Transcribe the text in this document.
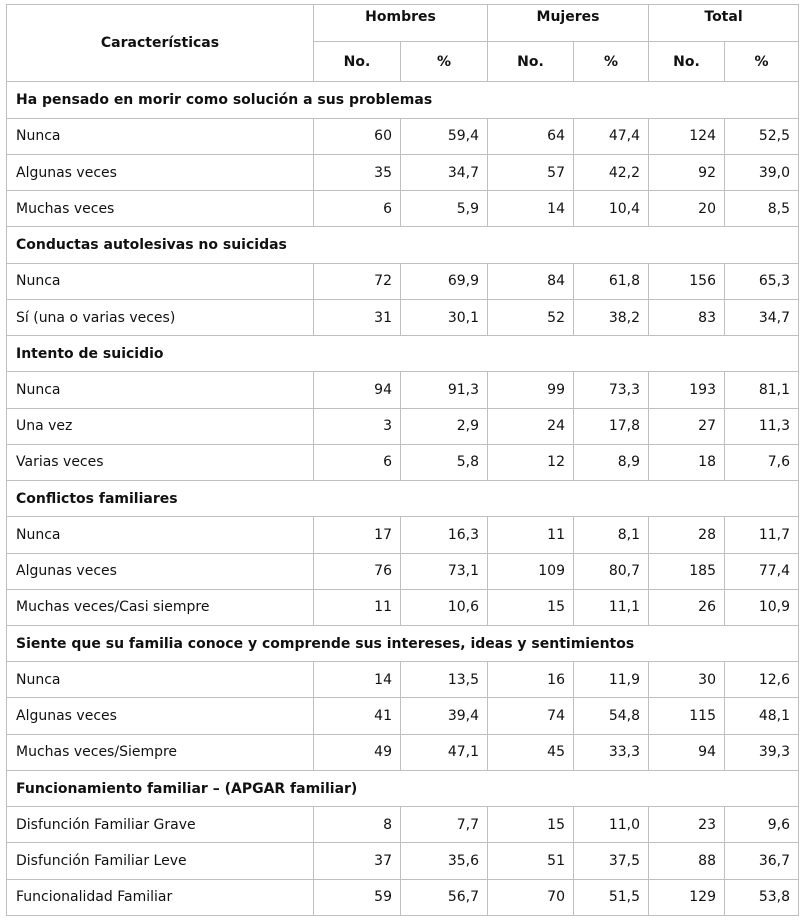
Características	Hombres		Mujeres		Total	
	No.	%	No.	%	No.	%
Ha pensado en morir como solución a sus problemas						
Nunca	60	59,4	64	47,4	124	52,5
Algunas veces	35	34,7	57	42,2	92	39,0
Muchas veces	6	5,9	14	10,4	20	8,5
Conductas autolesivas no suicidas						
Nunca	72	69,9	84	61,8	156	65,3
Sí (una o varias veces)	31	30,1	52	38,2	83	34,7
Intento de suicidio						
Nunca	94	91,3	99	73,3	193	81,1
Una vez	3	2,9	24	17,8	27	11,3
Varias veces	6	5,8	12	8,9	18	7,6
Conflictos familiares						
Nunca	17	16,3	11	8,1	28	11,7
Algunas veces	76	73,1	109	80,7	185	77,4
Muchas veces/Casi siempre	11	10,6	15	11,1	26	10,9
Siente que su familia conoce y comprende sus intereses, ideas y sentimientos						
Nunca	14	13,5	16	11,9	30	12,6
Algunas veces	41	39,4	74	54,8	115	48,1
Muchas veces/Siempre	49	47,1	45	33,3	94	39,3
Funcionamiento familiar – (APGAR familiar)						
Disfunción Familiar Grave	8	7,7	15	11,0	23	9,6
Disfunción Familiar Leve	37	35,6	51	37,5	88	36,7
Funcionalidad Familiar	59	56,7	70	51,5	129	53,8
